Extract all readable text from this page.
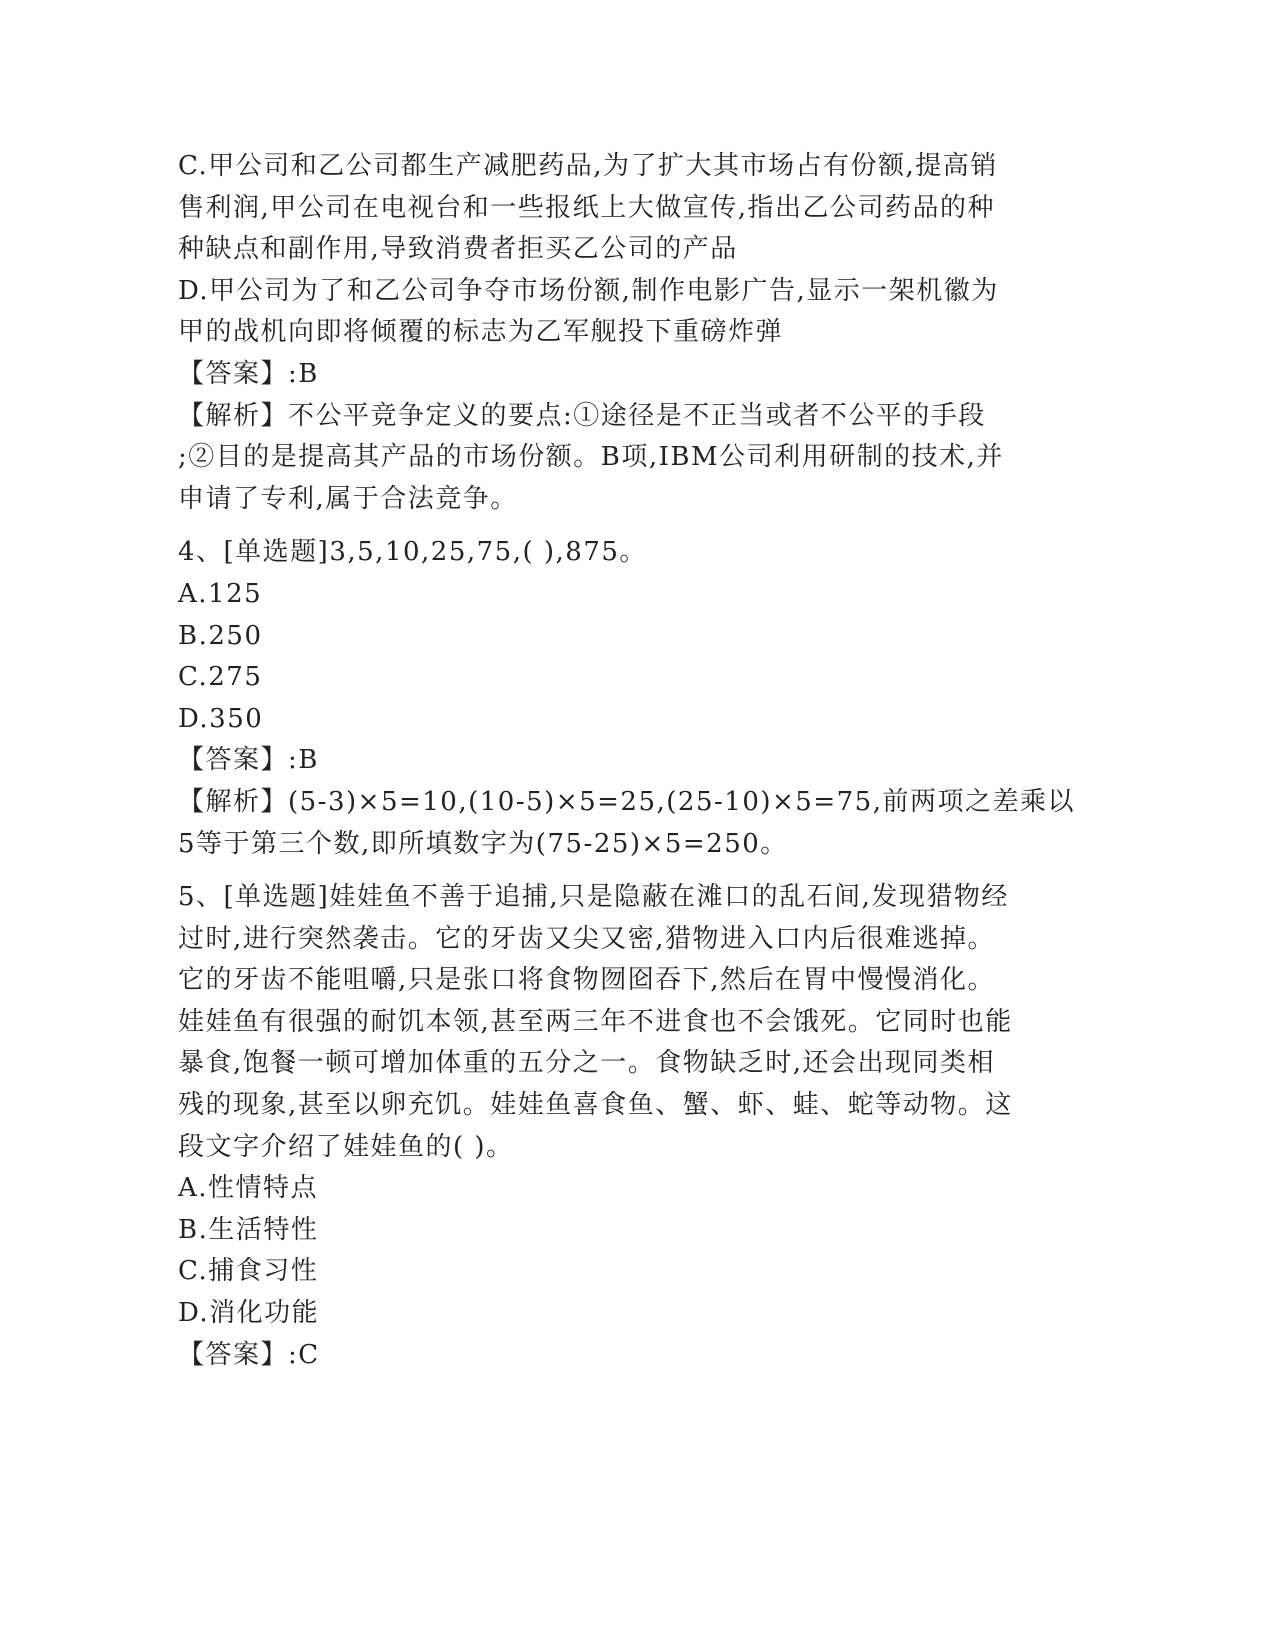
C.甲公司和乙公司都生产减肥药品,为了扩大其市场占有份额,提高销
售利润,甲公司在电视台和一些报纸上大做宣传,指出乙公司药品的种
种缺点和副作用,导致消费者拒买乙公司的产品
D.甲公司为了和乙公司争夺市场份额,制作电影广告,显示一架机徽为
甲的战机向即将倾覆的标志为乙军舰投下重磅炸弹
【答案】:B
【解析】不公平竞争定义的要点:①途径是不正当或者不公平的手段
;②目的是提高其产品的市场份额。B项,IBM公司利用研制的技术,并
申请了专利,属于合法竞争。
4、[单选题]3,5,10,25,75,( ),875。
A.125
B.250
C.275
D.350
【答案】:B
【解析】(5-3)×5=10,(10-5)×5=25,(25-10)×5=75,前两项之差乘以
5等于第三个数,即所填数字为(75-25)×5=250。
5、[单选题]娃娃鱼不善于追捕,只是隐蔽在滩口的乱石间,发现猎物经
过时,进行突然袭击。它的牙齿又尖又密,猎物进入口内后很难逃掉。
它的牙齿不能咀嚼,只是张口将食物囫囵吞下,然后在胃中慢慢消化。
娃娃鱼有很强的耐饥本领,甚至两三年不进食也不会饿死。它同时也能
暴食,饱餐一顿可增加体重的五分之一。食物缺乏时,还会出现同类相
残的现象,甚至以卵充饥。娃娃鱼喜食鱼、蟹、虾、蛙、蛇等动物。这
段文字介绍了娃娃鱼的( )。
A.性情特点
B.生活特性
C.捕食习性
D.消化功能
【答案】:C
